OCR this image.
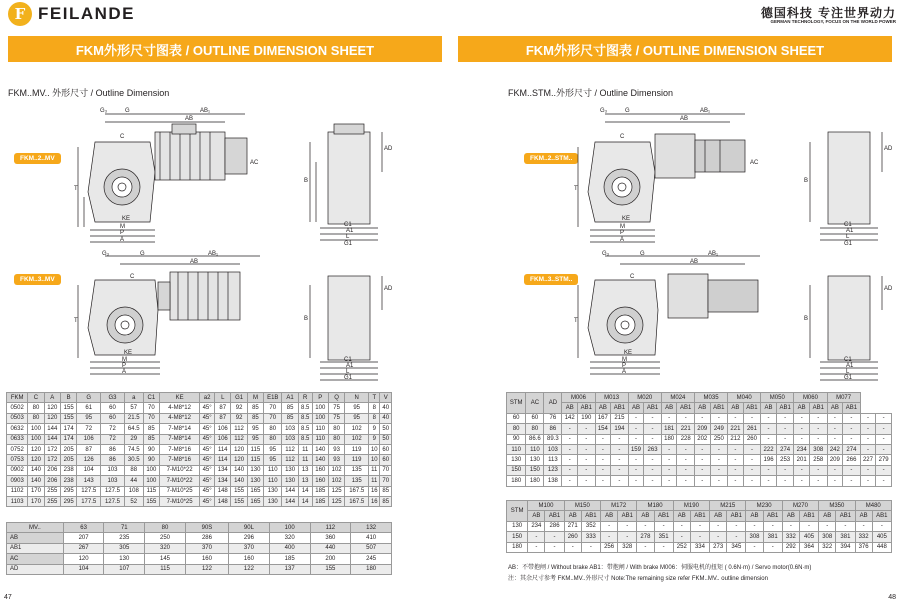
F FEILANDE
FKM外形尺寸图表 / OUTLINE DIMENSION SHEET
FKM..MV.. 外形尺寸 / Outline Dimension
FKM..2..MV
FKM..3..MV
G₃	G	AB₁
AB
C
T
KE
M
P
A
C1
A1
L
G1
B
AD
AC
G₃	G	AB₁
AB
C
T
KE
M
P
A
C1
A1
L
G1
B
AD
FKM	C	A	B	G	G3	a	C1	KE	a2	L	G1	M	E1B	A1	R	P	Q	N	T	V
0502	80	120	155	61	60	57	70	4-M8*12	45°	87	92	85	70	85	8.5	100	75	95	8	40
0503	80	120	155	95	60	21.5	70	4-M8*12	45°	87	92	85	70	85	8.5	100	75	95	8	40
0632	100	144	174	72	72	64.5	85	7-M8*14	45°	106	112	95	80	103	8.5	110	80	102	9	50
0633	100	144	174	106	72	29	85	7-M8*14	45°	106	112	95	80	103	8.5	110	80	102	9	50
0752	120	172	205	87	86	74.5	90	7-M8*16	45°	114	120	115	95	112	11	140	93	119	10	60
0753	120	172	205	126	86	30.5	90	7-M8*16	45°	114	120	115	95	112	11	140	93	119	10	60
0902	140	206	238	104	103	88	100	7-M10*22	45°	134	140	130	110	130	13	160	102	135	11	70
0903	140	206	238	143	103	44	100	7-M10*22	45°	134	140	130	110	130	13	160	102	135	11	70
1102	170	255	295	127.5	127.5	108	115	7-M10*25	45°	148	155	165	130	144	14	185	125	167.5	16	85
1103	170	255	295	177.5	127.5	52	155	7-M10*25	45°	148	155	165	130	144	14	185	125	167.5	16	85
MV..	63	71	80	90S	90L	100	112	132
AB	207	235	250	286	296	320	360	410
AB1	267	305	320	370	370	400	440	507
AC	120	130	145	160	160	185	200	245
AD	104	107	115	122	122	137	155	180
47
德国科技 专注世界动力
GERMAN TECHNOLOGY, FOCUS ON THE WORLD POWER
FKM外形尺寸图表 / OUTLINE DIMENSION SHEET
FKM..STM..外形尺寸 / Outline Dimension
FKM..2..STM..
FKM..3..STM..
G₃	G	AB₁
AB
C
T
KE
M
P
A
C1
A1
L
G1
B
AD
AC
G₃	G	AB₁
AB
C
T
KE
M
P
A
C1
A1
L
G1
B
AD
STM	AC	AD	M006		M013		M020		M024		M035		M040		M050		M060		M077			
			AB	AB1	AB	AB1	AB	AB1	AB	AB1	AB	AB1	AB	AB1	AB	AB1	AB	AB1	AB	AB1		
60	60	76	142	190	167	215	-	-	-	-	-	-	-	-	-	-	-	-	-	-	-	-
80	80	86	-	-	154	194	-	-	181	221	209	249	221	261	-	-	-	-	-	-	-	-
90	86.6	89.3	-	-	-	-	-	-	180	228	202	250	212	260	-	-	-	-	-	-	-	-
110	110	103	-	-	-	-	159	263	-	-	-	-	-	-	222	274	234	308	242	274	-	-
130	130	113	-	-	-	-	-	-	-	-	-	-	-	-	196	253	201	258	209	266	227	279
150	150	123	-	-	-	-	-	-	-	-	-	-	-	-	-	-	-	-	-	-	-	-
180	180	138	-	-	-	-	-	-	-	-	-	-	-	-	-	-	-	-	-	-	-	-
STM	M100		M150		M172		M180		M190		M215		M230		M270		M350		M480	
	AB	AB1	AB	AB1	AB	AB1	AB	AB1	AB	AB1	AB	AB1	AB	AB1	AB	AB1	AB	AB1	AB	AB1
130	234	286	271	352	-	-	-	-	-	-	-	-	-	-	-	-	-	-	-	-
150	-	-	260	333	-	-	278	351	-	-	-	-	308	381	332	405	308	381	332	405
180	-	-	-	-	256	328	-	-	252	334	273	345	-	-	292	364	322	394	376	448
AB：不带抱闸 / Without brake AB1：带抱闸 / With brake M006：伺服电机的扭矩 ( 0.6N·m) / Servo motor(0.6N·m)
注：其余尺寸参考 FKM..MV..外形尺寸 Note:The remaining size refer FKM..MV.. outline dimension
48
